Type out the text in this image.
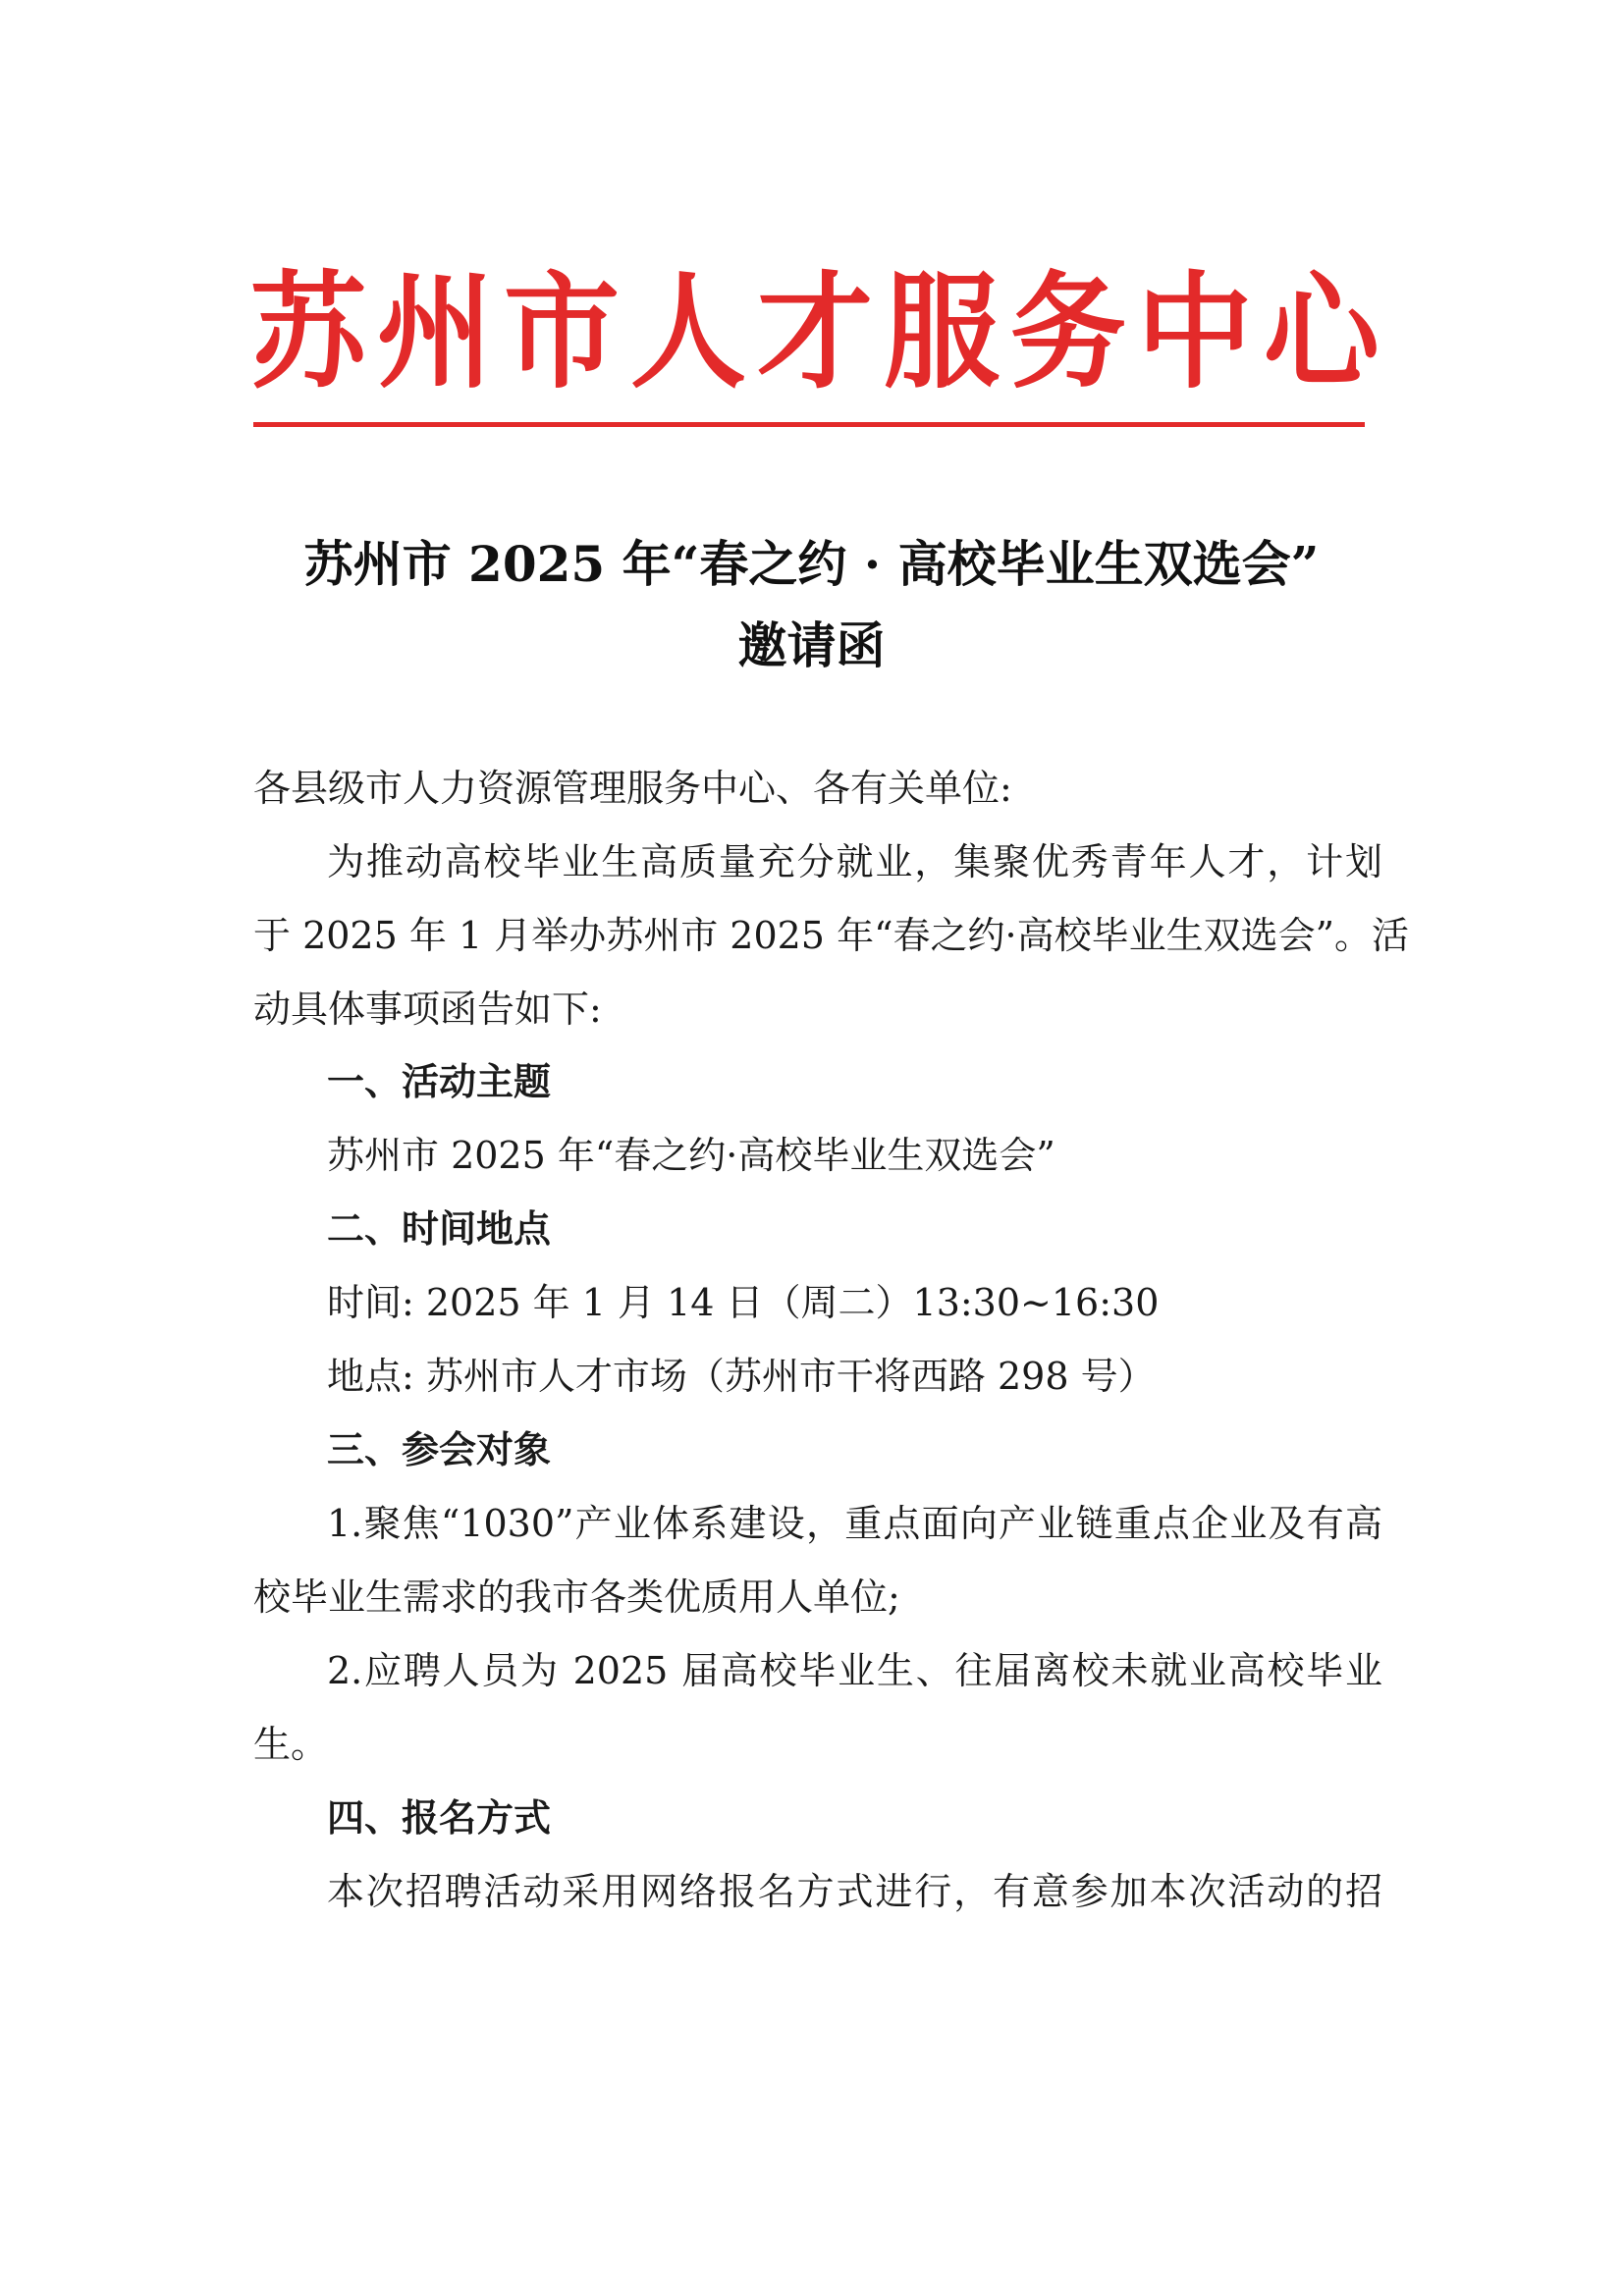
苏 州 市 人 才 服 务 中 心
苏州市 2025 年“春之约 · 高校毕业生双选会”
邀请函
各县级市人力资源管理服务中心、各有关单位:
为推动高校毕业生高质量充分就业，集聚优秀青年人才，计划
于 2025 年 1 月举办苏州市 2025 年“春之约·高校毕业生双选会”。活
动具体事项函告如下:
一、活动主题
苏州市 2025 年“春之约·高校毕业生双选会”
二、时间地点
时间: 2025 年 1 月 14 日（周二）13:30~16:30
地点: 苏州市人才市场（苏州市干将西路 298 号）
三、参会对象
1.聚焦“1030”产业体系建设，重点面向产业链重点企业及有高
校毕业生需求的我市各类优质用人单位;
2.应聘人员为 2025 届高校毕业生、往届离校未就业高校毕业
生。
四、报名方式
本次招聘活动采用网络报名方式进行，有意参加本次活动的招
